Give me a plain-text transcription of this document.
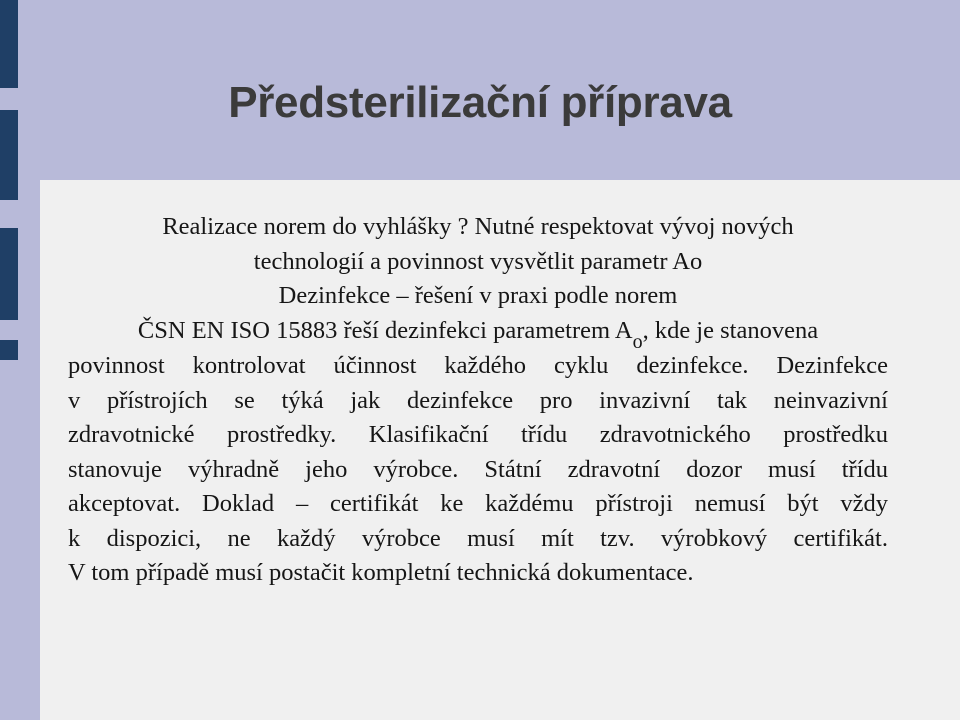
Předsterilizační příprava
Realizace norem do vyhlášky ? Nutné respektovat vývoj nových
technologií a povinnost vysvětlit parametr Ao
Dezinfekce – řešení v praxi podle norem
ČSN EN ISO 15883 řeší dezinfekci parametrem $A_o$, kde je stanovena
povinnost kontrolovat účinnost každého cyklu dezinfekce. Dezinfekce
v přístrojích se týká jak dezinfekce pro invazivní tak neinvazivní
zdravotnické prostředky. Klasifikační třídu zdravotnického prostředku
stanovuje výhradně jeho výrobce. Státní zdravotní dozor musí třídu
akceptovat. Doklad – certifikát ke každému přístroji nemusí být vždy
k dispozici, ne každý výrobce musí mít tzv. výrobkový certifikát.
V tom případě musí postačit kompletní technická dokumentace.
